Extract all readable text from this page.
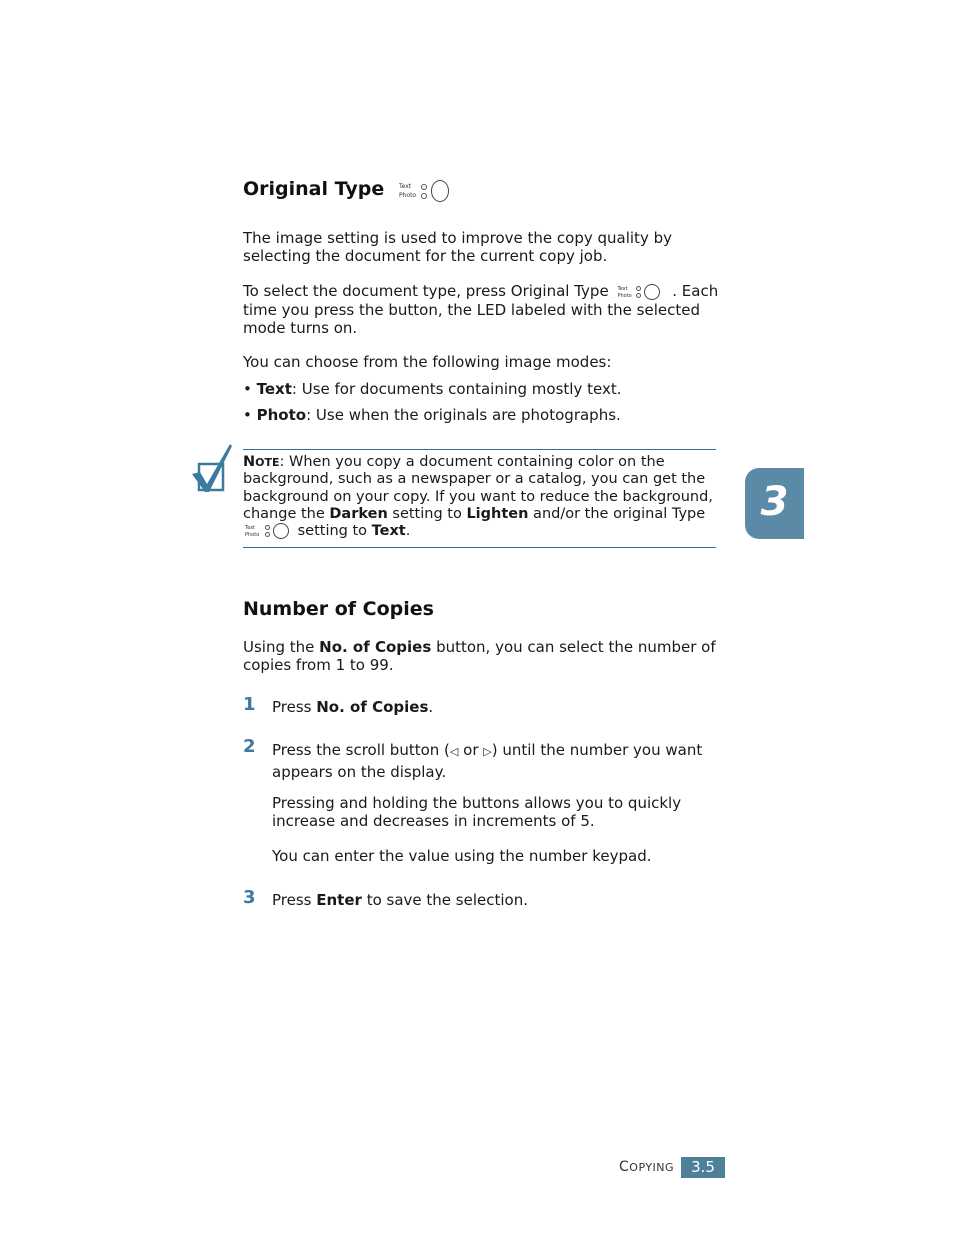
Original Type Text
Photo

The image setting is used to improve the copy quality by selecting the document for the current copy job.

To select the document type, press Original Type Text
Photo	. Each time you press the button, the LED labeled with the selected mode turns on.

You can choose from the following image modes:

• Text: Use for documents containing mostly text.

• Photo: Use when the originals are photographs.

NOTE: When you copy a document containing color on the background, such as a newspaper or a catalog, you can get the background on your copy. If you want to reduce the background, change the Darken setting to Lighten and/or the original Type
Text
Photo setting to Text.

3
Number of Copies

Using the No. of Copies button, you can select the number of copies from 1 to 99.

1 Press No. of Copies.

2 Press the scroll button (◁ or ▷) until the number you want appears on the display.

Pressing and holding the buttons allows you to quickly increase and decreases in increments of 5.

You can enter the value using the number keypad.

3 Press Enter to save the selection.

COPYING	3.5
